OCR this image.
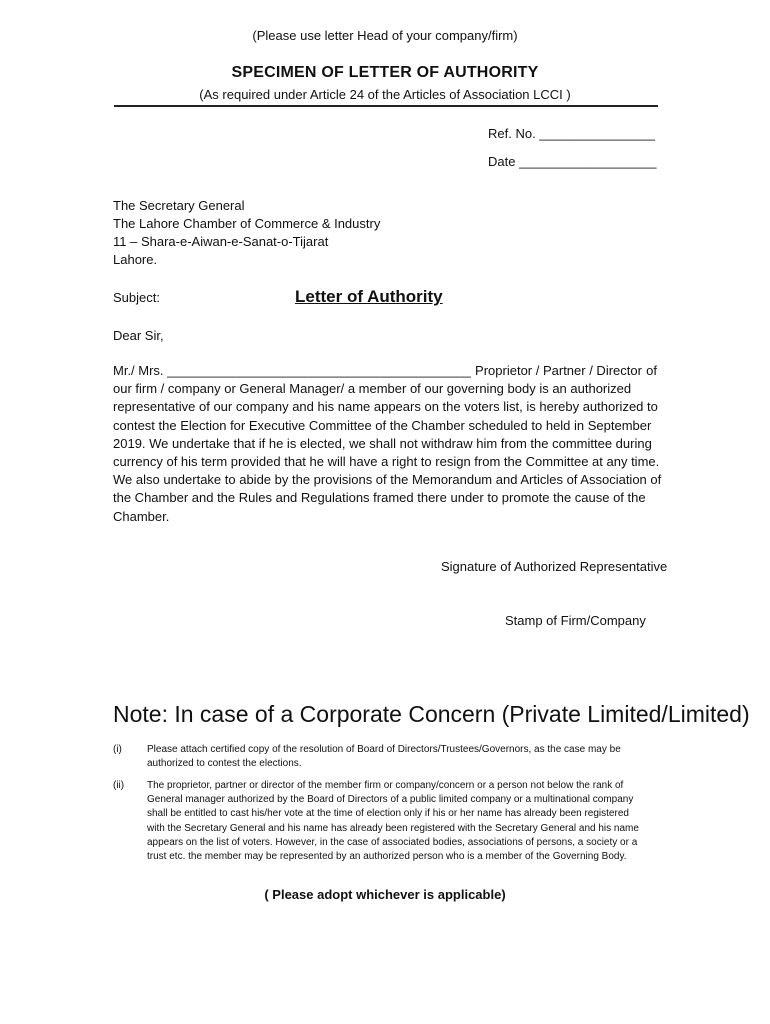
(Please use letter Head of your company/firm)
SPECIMEN OF LETTER OF AUTHORITY
(As required under Article 24 of the Articles of Association LCCI )
Ref. No. ________________
Date ___________________
The Secretary General
The Lahore Chamber of Commerce & Industry
11 – Shara-e-Aiwan-e-Sanat-o-Tijarat
Lahore.
Subject:	Letter of Authority
Dear Sir,
Mr./ Mrs. __________________________________________ Proprietor / Partner / Director of
our firm / company or General Manager/ a member of our governing body is an authorized
representative of our company and his name appears on the voters list, is hereby authorized to
contest the Election for Executive Committee of the Chamber scheduled to held in September
2019. We undertake that if he is elected, we shall not withdraw him from the committee during
currency of his term provided that he will have a right to resign from the Committee at any time.
We also undertake to abide by the provisions of the Memorandum and Articles of Association of
the Chamber and the Rules and Regulations framed there under to promote the cause of the
Chamber.
Signature of Authorized Representative
Stamp of Firm/Company
Note: In case of a Corporate Concern (Private Limited/Limited)
(i)	Please attach certified copy of the resolution of Board of Directors/Trustees/Governors, as the case may be
authorized to contest the elections.
(ii) The proprietor, partner or director of the member firm or company/concern or a person not below the rank of
General manager authorized by the Board of Directors of a public limited company or a multinational company
shall be entitled to cast his/her vote at the time of election only if his or her name has already been registered
with the Secretary General and his name has already been registered with the Secretary General and his name
appears on the list of voters. However, in the case of associated bodies, associations of persons, a society or a
trust etc. the member may be represented by an authorized person who is a member of the Governing Body.
( Please adopt whichever is applicable)
